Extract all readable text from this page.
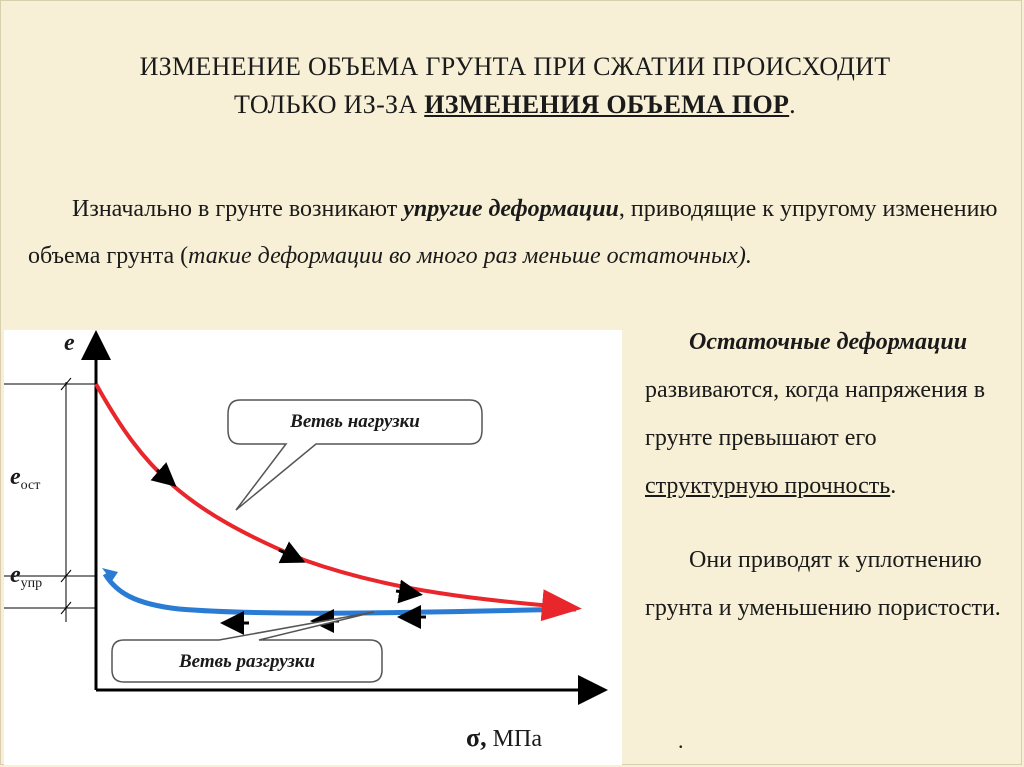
ИЗМЕНЕНИЕ ОБЪЕМА ГРУНТА ПРИ СЖАТИИ ПРОИСХОДИТ
ТОЛЬКО ИЗ-ЗА ИЗМЕНЕНИЯ ОБЪЕМА ПОР.
Изначально в грунте возникают упругие деформации, приводящие к упругому изменению объема грунта (такие деформации во много раз меньше остаточных).
Ветвь нагрузки
Ветвь разгрузки
e
eост
eупр
σ, МПа
Остаточные деформации развиваются, когда напряжения в грунте превышают его структурную прочность.
Они приводят к уплотнению грунта и уменьшению пористости.
.
